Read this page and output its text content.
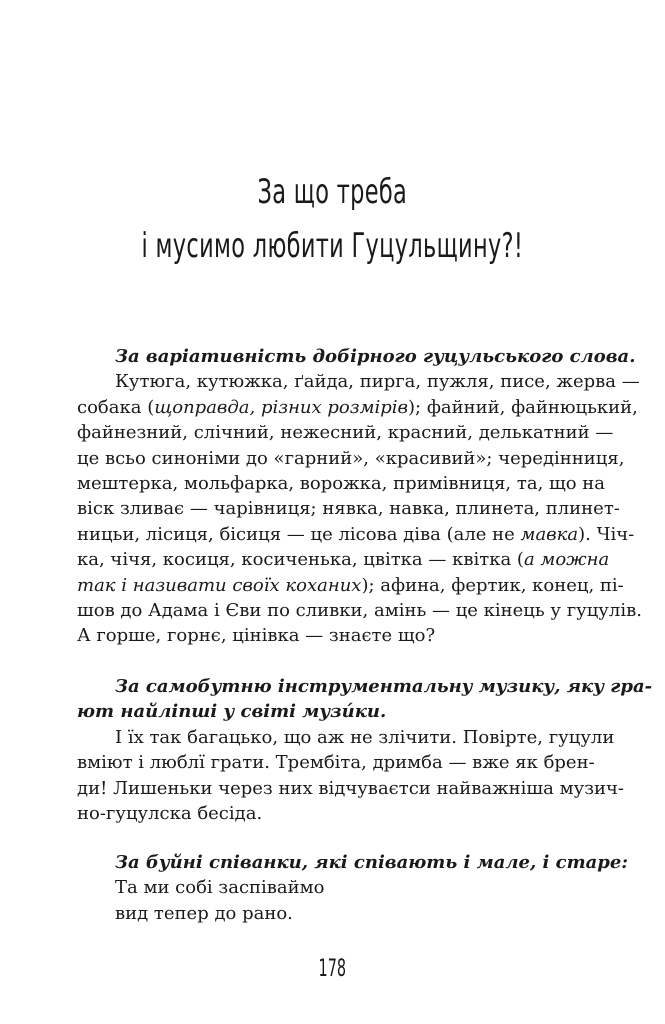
За що треба
і мусимо любити Гуцульщину?!
За варіативність добірного гуцульського слова.
Кутюга, кутюжка, ґайда, пирга, пужля, писе, жерва —
собака (щоправда, різних розмірів); файний, файнюцький,
файнезний, слічний, нежесний, красний, делькатний —
це всьо синоніми до «гарний», «красивий»; чередінниця,
мештерка, мольфарка, ворожка, примівниця, та, що на
віск зливає — чарівниця; нявка, навка, плинета, плинет-
ницьи, лісиця, бісиця — це лісова діва (але не мавка). Чіч-
ка, чічя, косиця, косиченька, цвітка — квітка (а можна
так і називати своїх коханих); афина, фертик, конец, пі-
шов до Адама і Єви по сливки, амінь — це кінець у гуцулів.
А горше, горнє, цінівка — знаєте що?
За самобутню інструментальну музику, яку гра-
ют найліпші у світі музи́ки.
І їх так багацько, що аж не злічити. Повірте, гуцули
вміют і люблї грати. Трембіта, дримба — вже як брен-
ди! Лишеньки через них відчуваєтси найважніша музич-
но-гуцулска бесіда.
За буйні співанки, які співають і мале, і старе:
Та ми собі заспіваймо
вид тепер до рано.
178
